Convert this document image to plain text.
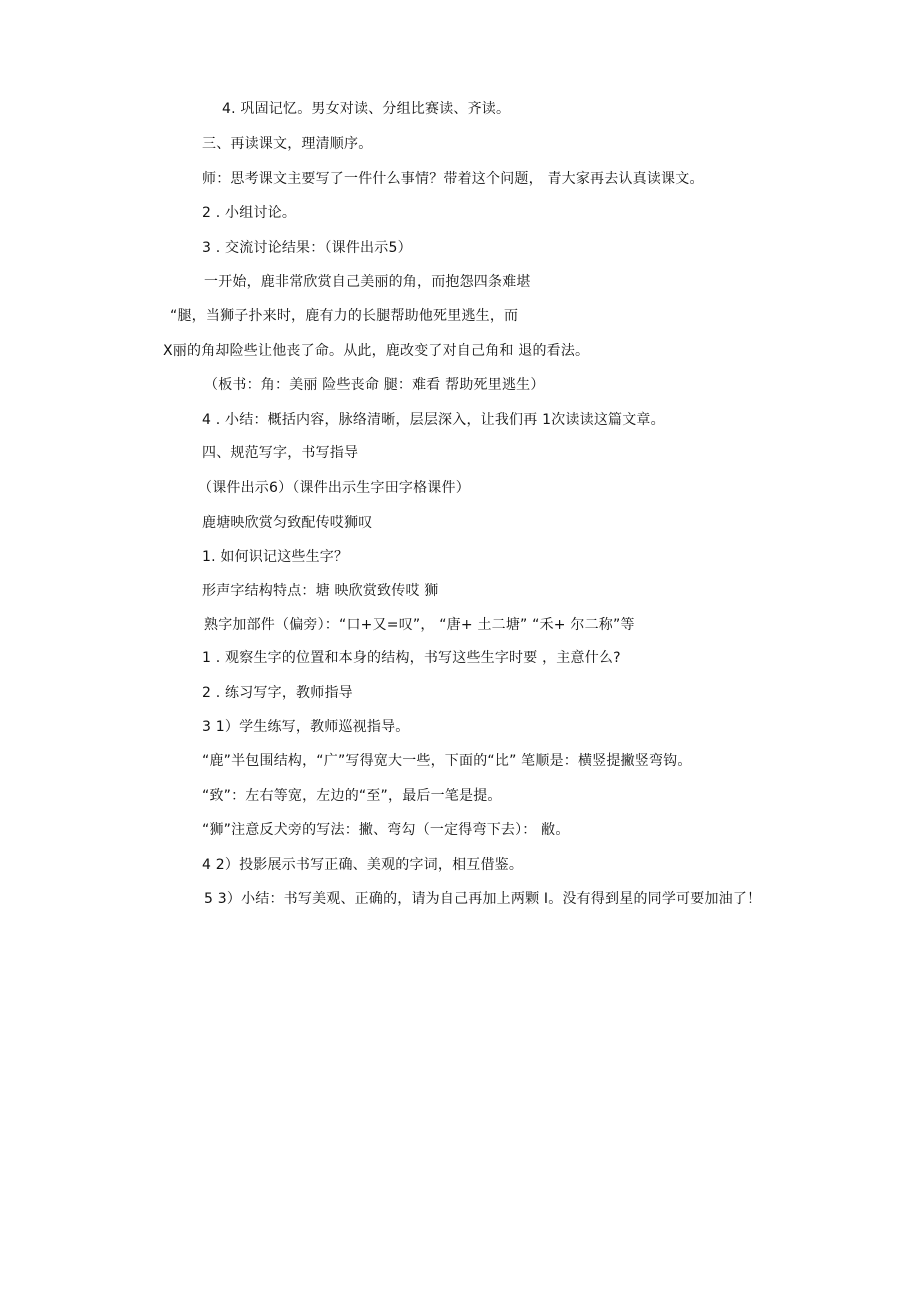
4. 巩固记忆。男女对读、分组比赛读、齐读。
三、再读课文，理清顺序。
师：思考课文主要写了一件什么事情？带着这个问题， 青大家再去认真读课文。
2 . 小组讨论。
3 . 交流讨论结果：（课件出示5）
一开始，鹿非常欣赏自己美丽的角，而抱怨四条难堪
“腿，当狮子扑来时，鹿有力的长腿帮助他死里逃生，而
X丽的角却险些让他丧了命。从此，鹿改变了对自己角和 退的看法。
（板书：角：美丽 险些丧命 腿：难看 帮助死里逃生）
4 . 小结：概括内容，脉络清晰，层层深入，让我们再 1次读读这篇文章。
四、规范写字，书写指导
（课件出示6）（课件出示生字田字格课件）
鹿塘映欣赏匀致配传哎狮叹
1. 如何识记这些生字？
形声字结构特点：塘 映欣赏致传哎 狮
熟字加部件（偏旁）：“口+又=叹”， “唐+ 土二塘” “禾+ 尔二称”等
1 . 观察生字的位置和本身的结构，书写这些生字时要 ，主意什么?
2 . 练习写字，教师指导
3 1）学生练写，教师巡视指导。
“鹿”半包围结构，“广”写得宽大一些，下面的“比” 笔顺是：横竖提撇竖弯钩。
“致”：左右等宽，左边的“至”，最后一笔是提。
“狮”注意反犬旁的写法：撇、弯勾（一定得弯下去）： 敝。
4 2）投影展示书写正确、美观的字词，相互借鉴。
5 3）小结：书写美观、正确的，请为自己再加上两颗 I。没有得到星的同学可要加油了！
